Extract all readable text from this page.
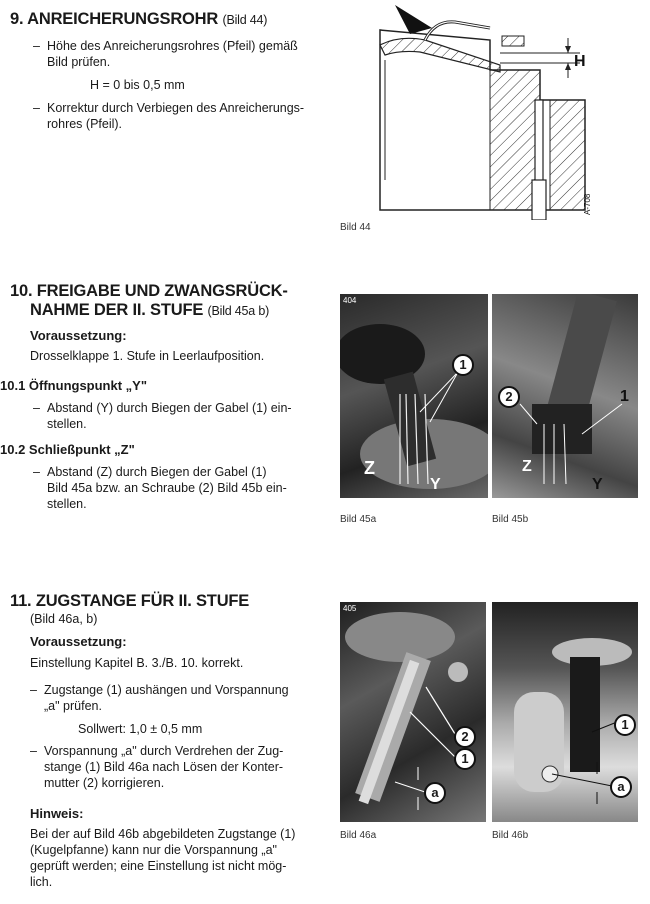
9. ANREICHERUNGSROHR (Bild 44)
– Höhe des Anreicherungsrohres (Pfeil) gemäß
Bild prüfen.
H = 0 bis 0,5 mm
– Korrektur durch Verbiegen des Anreicherungs-
rohres (Pfeil).
H
A-708
Bild 44
10. FREIGABE UND ZWANGSRÜCK-
NAHME DER II. STUFE (Bild 45a b)
Voraussetzung:
Drosselklappe 1. Stufe in Leerlaufposition.
10.1 Öffnungspunkt „Y"
– Abstand (Y) durch Biegen der Gabel (1) ein-
stellen.
10.2 Schließpunkt „Z"
– Abstand (Z) durch Biegen der Gabel (1)
Bild 45a bzw. an Schraube (2) Bild 45b ein-
stellen.
1
Z
Y
404
Bild 45a
2	1
Z
Y
Bild 45b
11. ZUGSTANGE FÜR II. STUFE
(Bild 46a, b)
Voraussetzung:
Einstellung Kapitel B. 3./B. 10. korrekt.
– Zugstange (1) aushängen und Vorspannung
„a" prüfen.
Sollwert: 1,0 ± 0,5 mm
– Vorspannung „a" durch Verdrehen der Zug-
stange (1) Bild 46a nach Lösen der Konter-
mutter (2) korrigieren.
Hinweis:
Bei der auf Bild 46b abgebildeten Zugstange (1)
(Kugelpfanne) kann nur die Vorspannung „a"
geprüft werden; eine Einstellung ist nicht mög-
lich.
2
1
a
405
Bild 46a
1
a
Bild 46b
